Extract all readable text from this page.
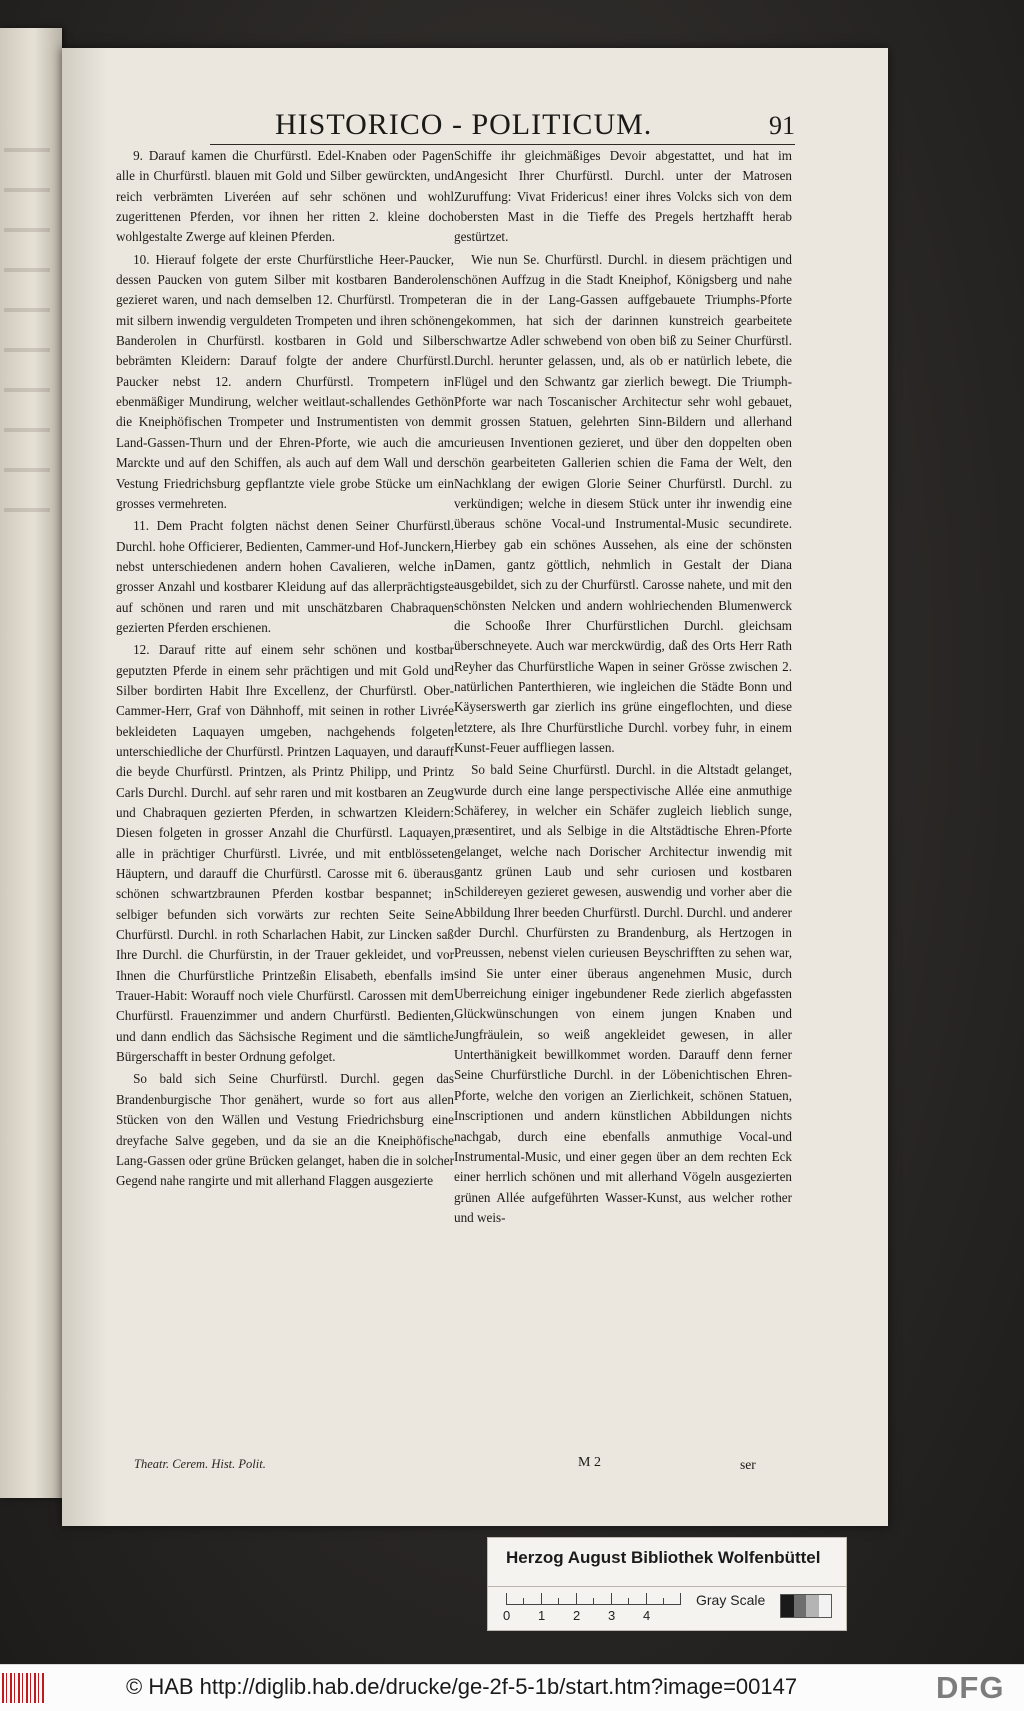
HISTORICO - POLITICUM.	91

9. Darauf kamen die Churfürstl. Edel-Knaben oder Pagen alle in Churfürstl. blauen mit Gold und Silber gewürckten, und reich verbrämten Liveréen auf sehr schönen und wohl zugerittenen Pferden, vor ihnen her ritten 2. kleine doch wohlgestalte Zwerge auf kleinen Pferden.

10. Hierauf folgete der erste Churfürstliche Heer-Paucker, dessen Paucken von gutem Silber mit kostbaren Banderolen gezieret waren, und nach demselben 12. Churfürstl. Trompeter mit silbern inwendig verguldeten Trompeten und ihren schönen Banderolen in Churfürstl. kostbaren in Gold und Silber bebrämten Kleidern: Darauf folgte der andere Churfürstl. Paucker nebst 12. andern Churfürstl. Trompetern in ebenmäßiger Mundirung, welcher weitlaut-schallendes Gethön die Kneiphöfischen Trompeter und Instrumentisten von dem Land-Gassen-Thurn und der Ehren-Pforte, wie auch die am Marckte und auf den Schiffen, als auch auf dem Wall und der Vestung Friedrichsburg gepflantzte viele grobe Stücke um ein grosses vermehreten.

11. Dem Pracht folgten nächst denen Seiner Churfürstl. Durchl. hohe Officierer, Bedienten, Cammer-und Hof-Junckern, nebst unterschiedenen andern hohen Cavalieren, welche in grosser Anzahl und kostbarer Kleidung auf das allerprächtigste auf schönen und raren und mit unschätzbaren Chabraquen gezierten Pferden erschienen.

12. Darauf ritte auf einem sehr schönen und kostbar geputzten Pferde in einem sehr prächtigen und mit Gold und Silber bordirten Habit Ihre Excellenz, der Churfürstl. Ober-Cammer-Herr, Graf von Dähnhoff, mit seinen in rother Livrée bekleideten Laquayen umgeben, nachgehends folgeten unterschiedliche der Churfürstl. Printzen Laquayen, und darauff die beyde Churfürstl. Printzen, als Printz Philipp, und Printz Carls Durchl. Durchl. auf sehr raren und mit kostbaren an Zeug und Chabraquen gezierten Pferden, in schwartzen Kleidern: Diesen folgeten in grosser Anzahl die Churfürstl. Laquayen, alle in prächtiger Churfürstl. Livrée, und mit entblösseten Häuptern, und darauff die Churfürstl. Carosse mit 6. überaus schönen schwartzbraunen Pferden kostbar bespannet; in selbiger befunden sich vorwärts zur rechten Seite Seine Churfürstl. Durchl. in roth Scharlachen Habit, zur Lincken saß Ihre Durchl. die Churfürstin, in der Trauer gekleidet, und vor Ihnen die Churfürstliche Printzeßin Elisabeth, ebenfalls im Trauer-Habit: Worauff noch viele Churfürstl. Carossen mit dem Churfürstl. Frauenzimmer und andern Churfürstl. Bedienten, und dann endlich das Sächsische Regiment und die sämtliche Bürgerschafft in bester Ordnung gefolget.

So bald sich Seine Churfürstl. Durchl. gegen das Brandenburgische Thor genähert, wurde so fort aus allen Stücken von den Wällen und Vestung Friedrichsburg eine dreyfache Salve gegeben, und da sie an die Kneiphöfische Lang-Gassen oder grüne Brücken gelanget, haben die in solcher Gegend nahe rangirte und mit allerhand Flaggen ausgezierte

Schiffe ihr gleichmäßiges Devoir abgestattet, und hat im Angesicht Ihrer Churfürstl. Durchl. unter der Matrosen Zuruffung: Vivat Fridericus! einer ihres Volcks sich von dem obersten Mast in die Tieffe des Pregels hertzhafft herab gestürtzet.

Wie nun Se. Churfürstl. Durchl. in diesem prächtigen und schönen Auffzug in die Stadt Kneiphof, Königsberg und nahe an die in der Lang-Gassen auffgebauete Triumphs-Pforte gekommen, hat sich der darinnen kunstreich gearbeitete schwartze Adler schwebend von oben biß zu Seiner Churfürstl. Durchl. herunter gelassen, und, als ob er natürlich lebete, die Flügel und den Schwantz gar zierlich bewegt. Die Triumph-Pforte war nach Toscanischer Architectur sehr wohl gebauet, mit grossen Statuen, gelehrten Sinn-Bildern und allerhand curieusen Inventionen gezieret, und über den doppelten oben schön gearbeiteten Gallerien schien die Fama der Welt, den Nachklang der ewigen Glorie Seiner Churfürstl. Durchl. zu verkündigen; welche in diesem Stück unter ihr inwendig eine überaus schöne Vocal-und Instrumental-Music secundirete. Hierbey gab ein schönes Aussehen, als eine der schönsten Damen, gantz göttlich, nehmlich in Gestalt der Diana ausgebildet, sich zu der Churfürstl. Carosse nahete, und mit den schönsten Nelcken und andern wohlriechenden Blumenwerck die Schooße Ihrer Churfürstlichen Durchl. gleichsam überschneyete. Auch war merckwürdig, daß des Orts Herr Rath Reyher das Churfürstliche Wapen in seiner Grösse zwischen 2. natürlichen Panterthieren, wie ingleichen die Städte Bonn und Käyserswerth gar zierlich ins grüne eingeflochten, und diese letztere, als Ihre Churfürstliche Durchl. vorbey fuhr, in einem Kunst-Feuer auffliegen lassen.

So bald Seine Churfürstl. Durchl. in die Altstadt gelanget, wurde durch eine lange perspectivische Allée eine anmuthige Schäferey, in welcher ein Schäfer zugleich lieblich sunge, præsentiret, und als Selbige in die Altstädtische Ehren-Pforte gelanget, welche nach Dorischer Architectur inwendig mit gantz grünen Laub und sehr curiosen und kostbaren Schildereyen gezieret gewesen, auswendig und vorher aber die Abbildung Ihrer beeden Churfürstl. Durchl. Durchl. und anderer der Durchl. Churfürsten zu Brandenburg, als Hertzogen in Preussen, nebenst vielen curieusen Beyschrifften zu sehen war, sind Sie unter einer überaus angenehmen Music, durch Uberreichung einiger ingebundener Rede zierlich abgefassten Glückwünschungen von einem jungen Knaben und Jungfräulein, so weiß angekleidet gewesen, in aller Unterthänigkeit bewillkommet worden. Darauff denn ferner Seine Churfürstliche Durchl. in der Löbenichtischen Ehren-Pforte, welche den vorigen an Zierlichkeit, schönen Statuen, Inscriptionen und andern künstlichen Abbildungen nichts nachgab, durch eine ebenfalls anmuthige Vocal-und Instrumental-Music, und einer gegen über an dem rechten Eck einer herrlich schönen und mit allerhand Vögeln ausgezierten grünen Allée aufgeführten Wasser-Kunst, aus welcher rother und weis-

Theatr. Cerem. Hist. Polit.	M 2	ser
Herzog August Bibliothek Wolfenbüttel
0 1 2 3 4
Gray Scale
© HAB http://diglib.hab.de/drucke/ge-2f-5-1b/start.htm?image=00147	DFG
